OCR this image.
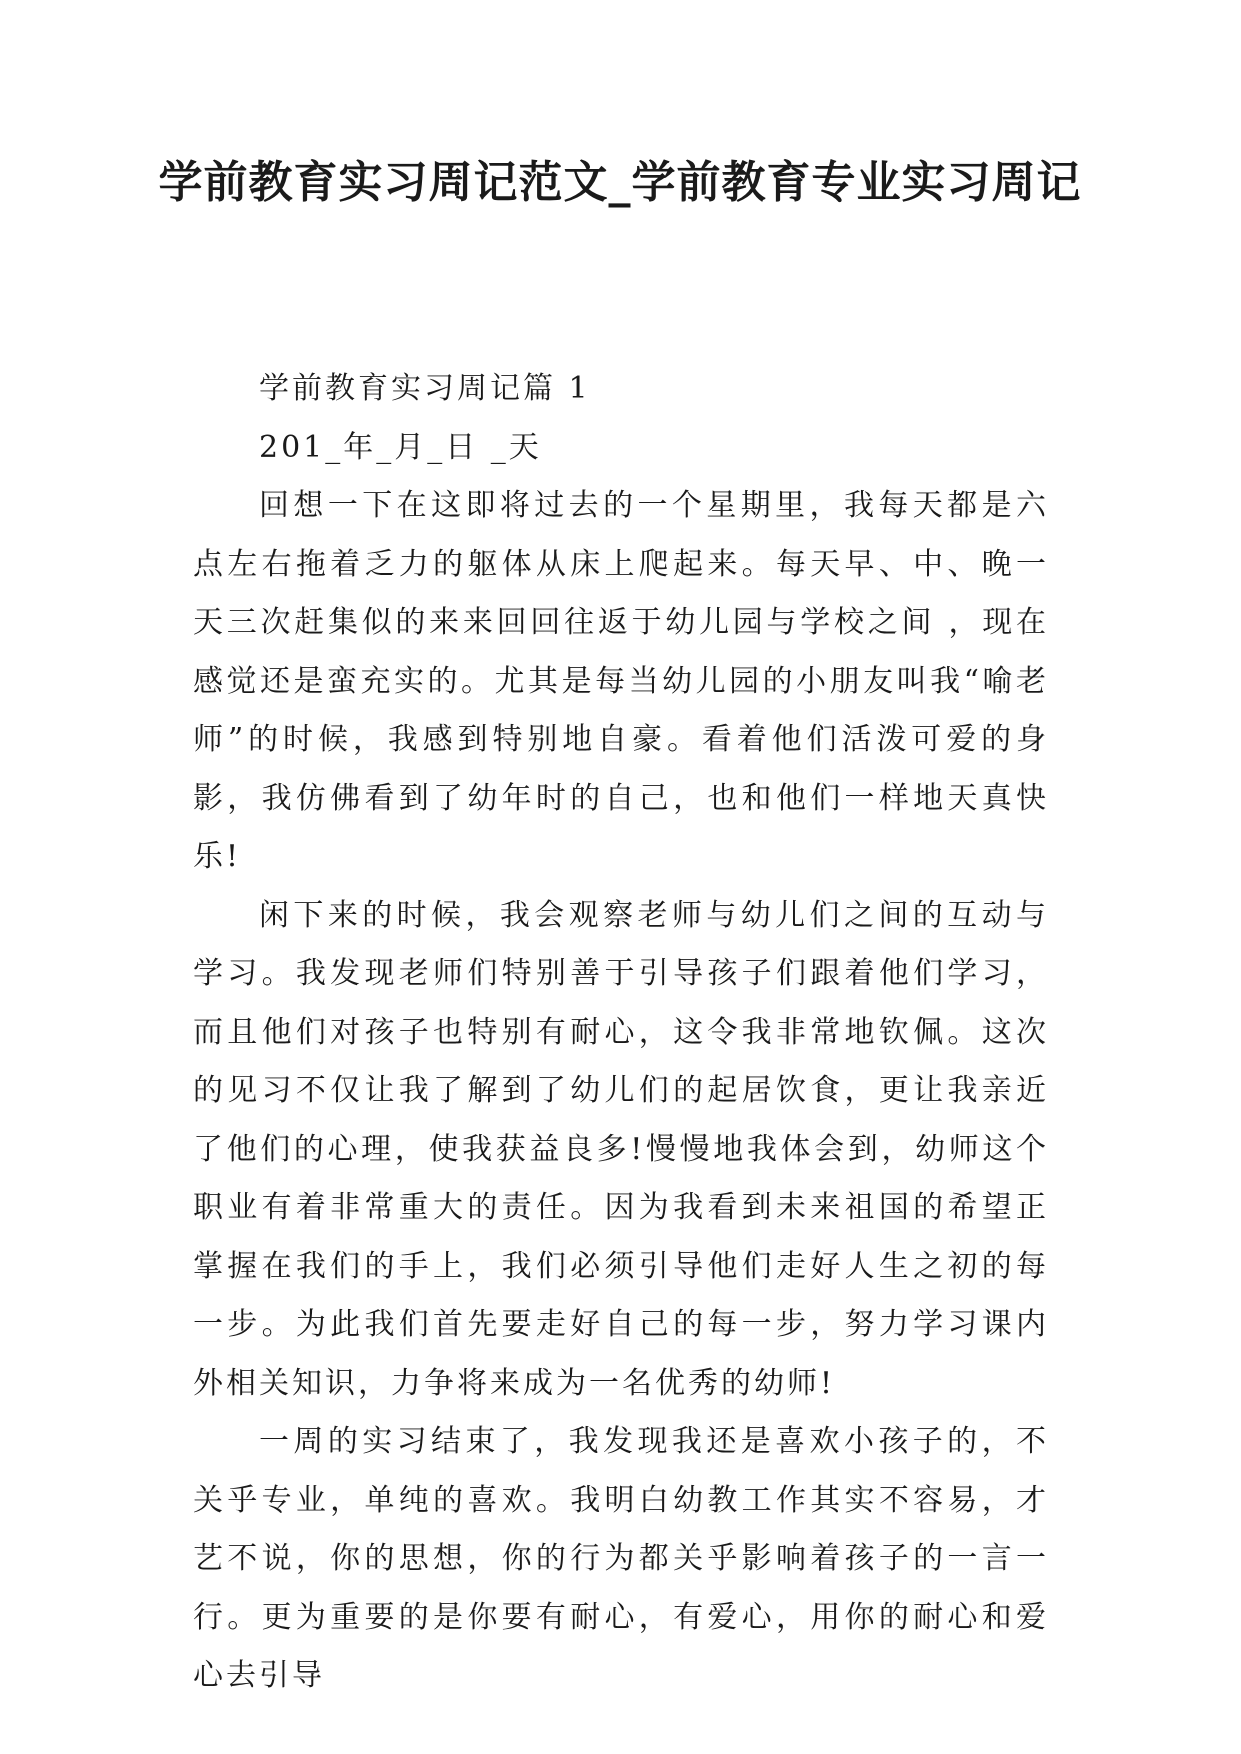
学前教育实习周记范文_学前教育专业实习周记

学前教育实习周记篇 1

201_年_月_日 _天

回想一下在这即将过去的一个星期里，我每天都是六点左右拖着乏力的躯体从床上爬起来。每天早、中、晚一天三次赶集似的来来回回往返于幼儿园与学校之间 ，现在感觉还是蛮充实的。尤其是每当幼儿园的小朋友叫我“喻老师”的时候，我感到特别地自豪。看着他们活泼可爱的身影，我仿佛看到了幼年时的自己，也和他们一样地天真快乐!

闲下来的时候，我会观察老师与幼儿们之间的互动与学习。我发现老师们特别善于引导孩子们跟着他们学习，而且他们对孩子也特别有耐心，这令我非常地钦佩。这次的见习不仅让我了解到了幼儿们的起居饮食，更让我亲近了他们的心理，使我获益良多!慢慢地我体会到，幼师这个职业有着非常重大的责任。因为我看到未来祖国的希望正掌握在我们的手上，我们必须引导他们走好人生之初的每一步。为此我们首先要走好自己的每一步，努力学习课内外相关知识，力争将来成为一名优秀的幼师!

一周的实习结束了，我发现我还是喜欢小孩子的，不关乎专业，单纯的喜欢。我明白幼教工作其实不容易，才艺不说，你的思想，你的行为都关乎影响着孩子的一言一行。更为重要的是你要有耐心，有爱心，用你的耐心和爱心去引导
